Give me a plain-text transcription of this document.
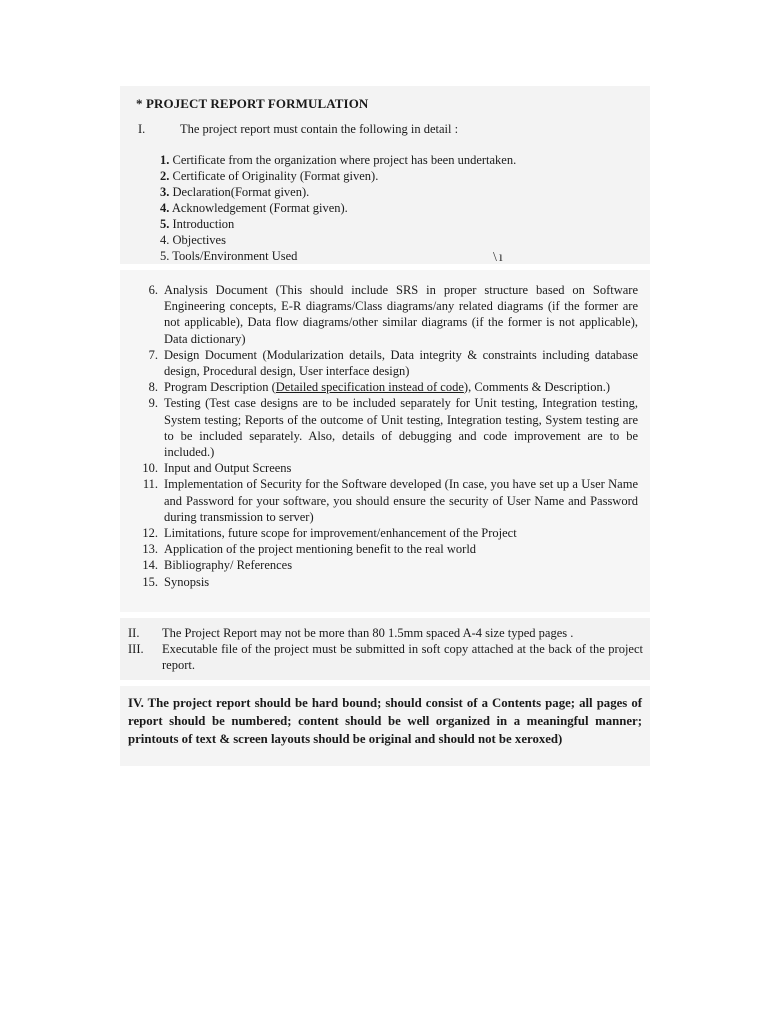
* PROJECT REPORT FORMULATION
I.	The project report must contain the following in detail :
1. Certificate from the organization where project has been undertaken.
2. Certificate of Originality (Format given).
3. Declaration(Format given).
4. Acknowledgement (Format given).
5. Introduction
4. Objectives
5. Tools/Environment Used	\ı
6. Analysis Document (This should include SRS in proper structure based on Software Engineering concepts, E-R diagrams/Class diagrams/any related diagrams (if the former are not applicable), Data flow diagrams/other similar diagrams (if the former is not applicable), Data dictionary)
7. Design Document (Modularization details, Data integrity & constraints including database design, Procedural design, User interface design)
8. Program Description (Detailed specification instead of code), Comments & Description.)
9. Testing (Test case designs are to be included separately for Unit testing, Integration testing, System testing; Reports of the outcome of Unit testing, Integration testing, System testing are to be included separately. Also, details of debugging and code improvement are to be included.)
10. Input and Output Screens
11. Implementation of Security for the Software developed (In case, you have set up a User Name and Password for your software, you should ensure the security of User Name and Password during transmission to server)
12. Limitations, future scope for improvement/enhancement of the Project
13. Application of the project mentioning benefit to the real world
14. Bibliography/ References
15. Synopsis
II.	The Project Report may not be more than 80 1.5mm spaced A-4 size typed pages .
III.	Executable file of the project must be submitted in soft copy attached at the back of the project report.
IV. The project report should be hard bound; should consist of a Contents page; all pages of report should be numbered; content should be well organized in a meaningful manner; printouts of text & screen layouts should be original and should not be xeroxed)
